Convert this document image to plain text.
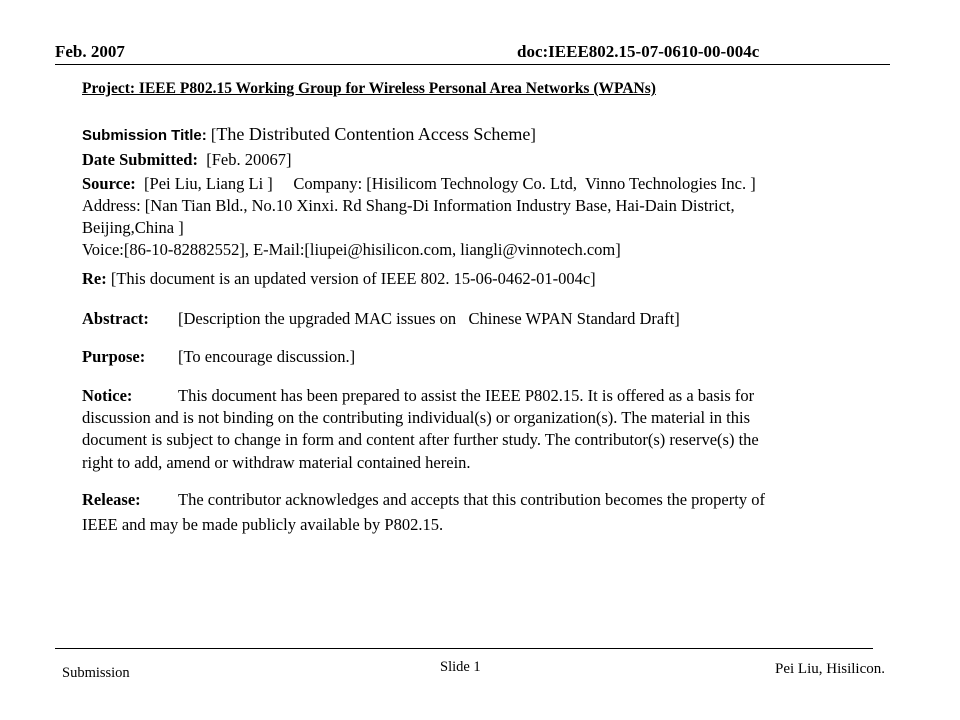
Feb. 2007	doc:IEEE802.15-07-0610-00-004c
Project: IEEE P802.15 Working Group for Wireless Personal Area Networks (WPANs)
Submission Title: [The Distributed Contention Access Scheme]
Date Submitted:  [Feb. 20067]
Source:  [Pei Liu, Liang Li ]     Company: [Hisilicom Technology Co. Ltd,  Vinno Technologies Inc. ]
Address: [Nan Tian Bld., No.10 Xinxi. Rd Shang-Di Information Industry Base, Hai-Dain District,
Beijing,China ]
Voice:[86-10-82882552], E-Mail:[liupei@hisilicon.com, liangli@vinnotech.com]
Re: [This document is an updated version of IEEE 802. 15-06-0462-01-004c]
Abstract: [Description the upgraded MAC issues on   Chinese WPAN Standard Draft]
Purpose: [To encourage discussion.]
Notice:	This document has been prepared to assist the IEEE P802.15. It is offered as a basis for
discussion and is not binding on the contributing individual(s) or organization(s). The material in this
document is subject to change in form and content after further study. The contributor(s) reserve(s) the
right to add, amend or withdraw material contained herein.
Release: The contributor acknowledges and accepts that this contribution becomes the property of
IEEE and may be made publicly available by P802.15.
Submission	Slide 1	Pei Liu, Hisilicon.
